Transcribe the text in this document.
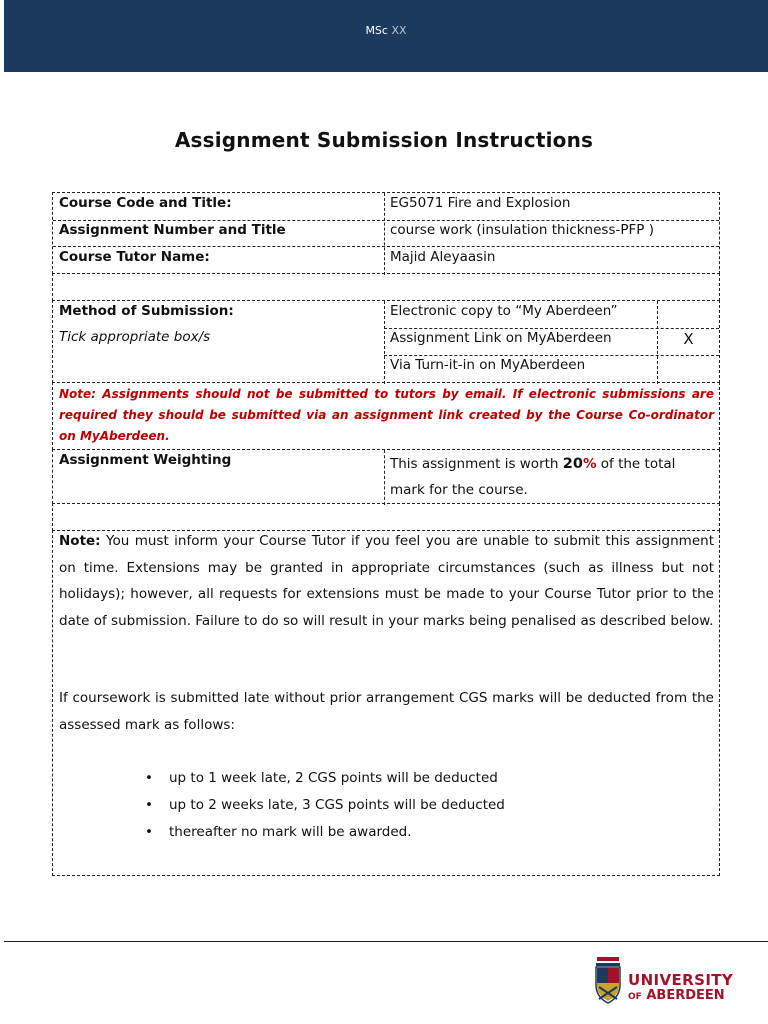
MSc XX
Assignment Submission Instructions
Course Code and Title:	EG5071 Fire and Explosion
Assignment Number and Title	course work (insulation thickness-PFP )
Course Tutor Name:	Majid Aleyaasin
Method of Submission:
Tick appropriate box/s
Electronic copy to “My Aberdeen”
Assignment Link on MyAberdeen	X
Via Turn-it-in on MyAberdeen
Note: Assignments should not be submitted to tutors by email. If electronic submissions are required they should be submitted via an assignment link created by the Course Co-ordinator on MyAberdeen.
Assignment Weighting	This assignment is worth 20% of the total mark for the course.
Note: You must inform your Course Tutor if you feel you are unable to submit this assignment on time. Extensions may be granted in appropriate circumstances (such as illness but not holidays); however, all requests for extensions must be made to your Course Tutor prior to the date of submission. Failure to do so will result in your marks being penalised as described below.
If coursework is submitted late without prior arrangement CGS marks will be deducted from the assessed mark as follows:
• up to 1 week late, 2 CGS points will be deducted
• up to 2 weeks late, 3 CGS points will be deducted
• thereafter no mark will be awarded.
UNIVERSITY
OF ABERDEEN
